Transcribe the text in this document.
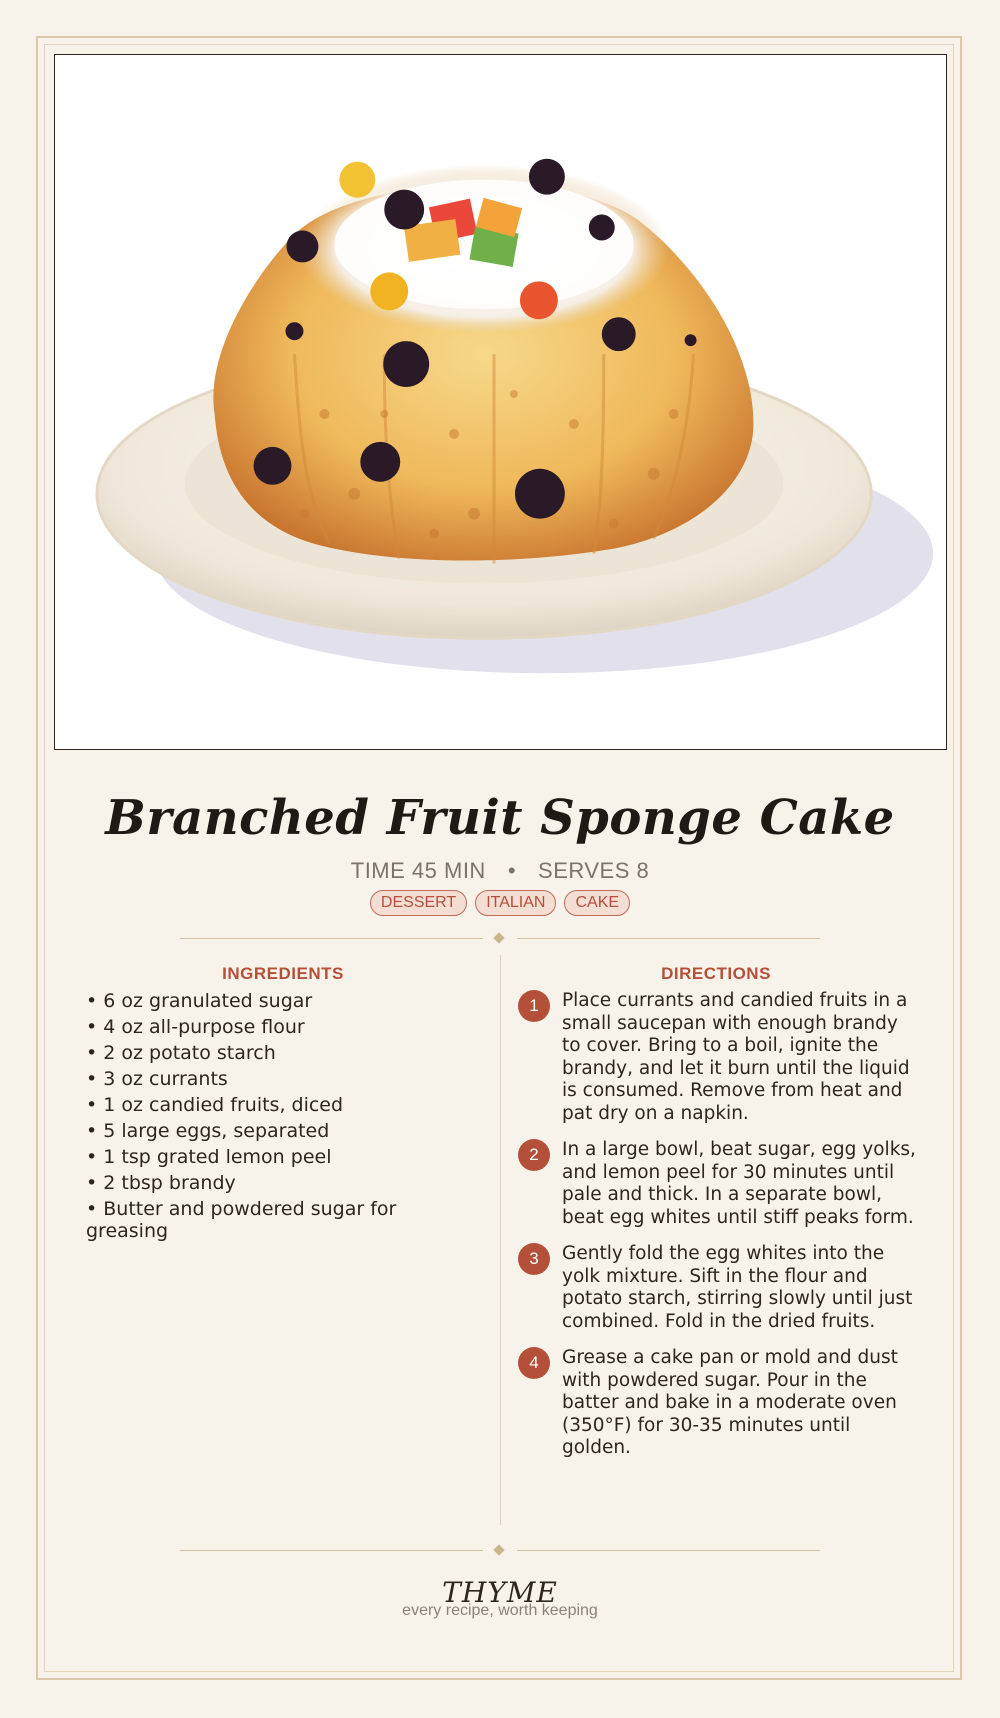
Branched Fruit Sponge Cake
TIME 45 MIN • SERVES 8
DESSERT	ITALIAN	CAKE
INGREDIENTS
• 6 oz granulated sugar
• 4 oz all-purpose flour
• 2 oz potato starch
• 3 oz currants
• 1 oz candied fruits, diced
• 5 large eggs, separated
• 1 tsp grated lemon peel
• 2 tbsp brandy
• Butter and powdered sugar for greasing
DIRECTIONS
1	Place currants and candied fruits in a small saucepan with enough brandy to cover. Bring to a boil, ignite the brandy, and let it burn until the liquid is consumed. Remove from heat and pat dry on a napkin.
2	In a large bowl, beat sugar, egg yolks, and lemon peel for 30 minutes until pale and thick. In a separate bowl, beat egg whites until stiff peaks form.
3	Gently fold the egg whites into the yolk mixture. Sift in the flour and potato starch, stirring slowly until just combined. Fold in the dried fruits.
4	Grease a cake pan or mold and dust with powdered sugar. Pour in the batter and bake in a moderate oven (350°F) for 30-35 minutes until golden.
THYME
every recipe, worth keeping
